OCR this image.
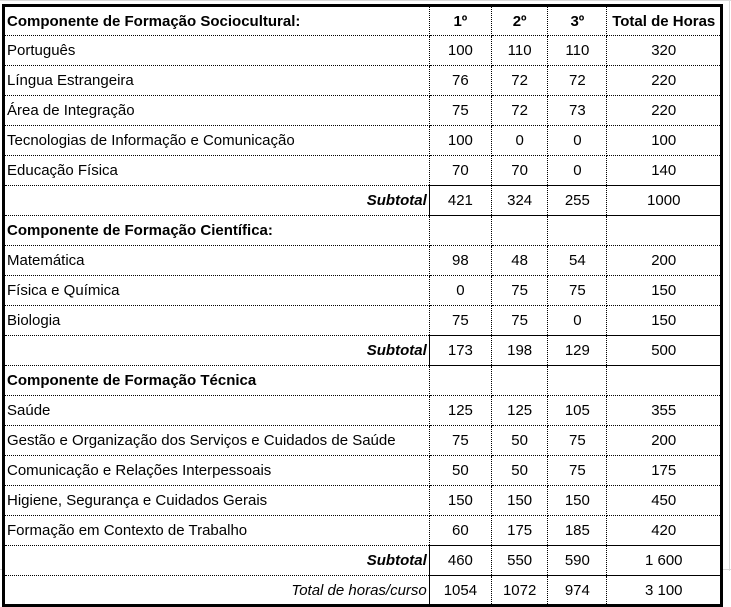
Componente de Formação Sociocultural:	1º	2º	3º	Total de Horas
Português	100	110	110	320
Língua Estrangeira	76	72	72	220
Área de Integração	75	72	73	220
Tecnologias de Informação e Comunicação	100	0	0	100
Educação Física	70	70	0	140
Subtotal	421	324	255	1000
Componente de Formação Científica:				
Matemática	98	48	54	200
Física e Química	0	75	75	150
Biologia	75	75	0	150
Subtotal	173	198	129	500
Componente de Formação Técnica				
Saúde	125	125	105	355
Gestão e Organização dos Serviços e Cuidados de Saúde	75	50	75	200
Comunicação e Relações Interpessoais	50	50	75	175
Higiene, Segurança e Cuidados Gerais	150	150	150	450
Formação em Contexto de Trabalho	60	175	185	420
Subtotal	460	550	590	1 600
Total de horas/curso	1054	1072	974	3 100
